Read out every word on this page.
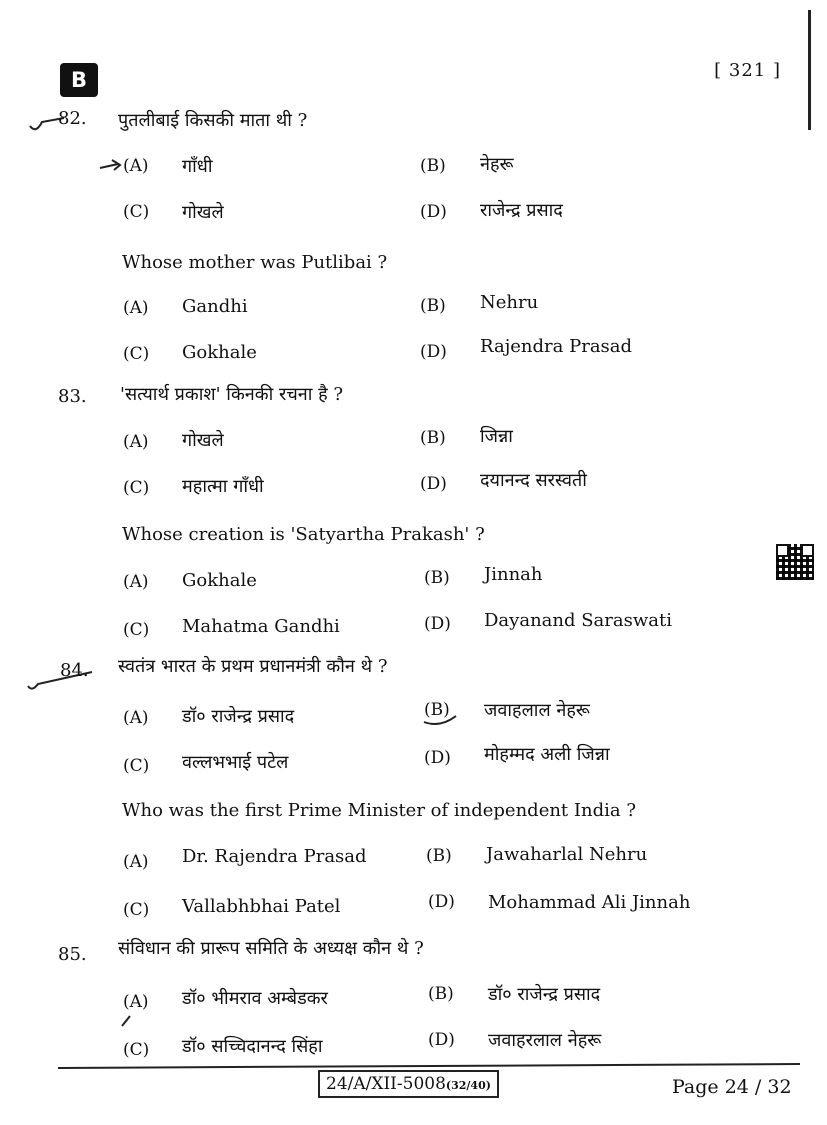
B	[ 321 ]
82. पुतलीबाई किसकी माता थी ?
(A) गाँधी	(B) नेहरू
(C) गोखले	(D) राजेन्द्र प्रसाद
Whose mother was Putlibai ?
(A) Gandhi	(B) Nehru
(C) Gokhale	(D) Rajendra Prasad
83. 'सत्यार्थ प्रकाश' किनकी रचना है ?
(A) गोखले	(B) जिन्ना
(C) महात्मा गाँधी	(D) दयानन्द सरस्वती
Whose creation is 'Satyartha Prakash' ?
(A) Gokhale	(B) Jinnah
(C) Mahatma Gandhi	(D) Dayanand Saraswati
84. स्वतंत्र भारत के प्रथम प्रधानमंत्री कौन थे ?
(A) डॉ० राजेन्द्र प्रसाद	(B) जवाहलाल नेहरू
(C) वल्लभभाई पटेल	(D) मोहम्मद अली जिन्ना
Who was the first Prime Minister of independent India ?
(A) Dr. Rajendra Prasad	(B) Jawaharlal Nehru
(C) Vallabhbhai Patel	(D) Mohammad Ali Jinnah
85. संविधान की प्रारूप समिति के अध्यक्ष कौन थे ?
(A) डॉ० भीमराव अम्बेडकर	(B) डॉ० राजेन्द्र प्रसाद
(C) डॉ० सच्चिदानन्द सिंहा	(D) जवाहरलाल नेहरू
24/A/XII-5008(32/40)	Page 24 / 32
